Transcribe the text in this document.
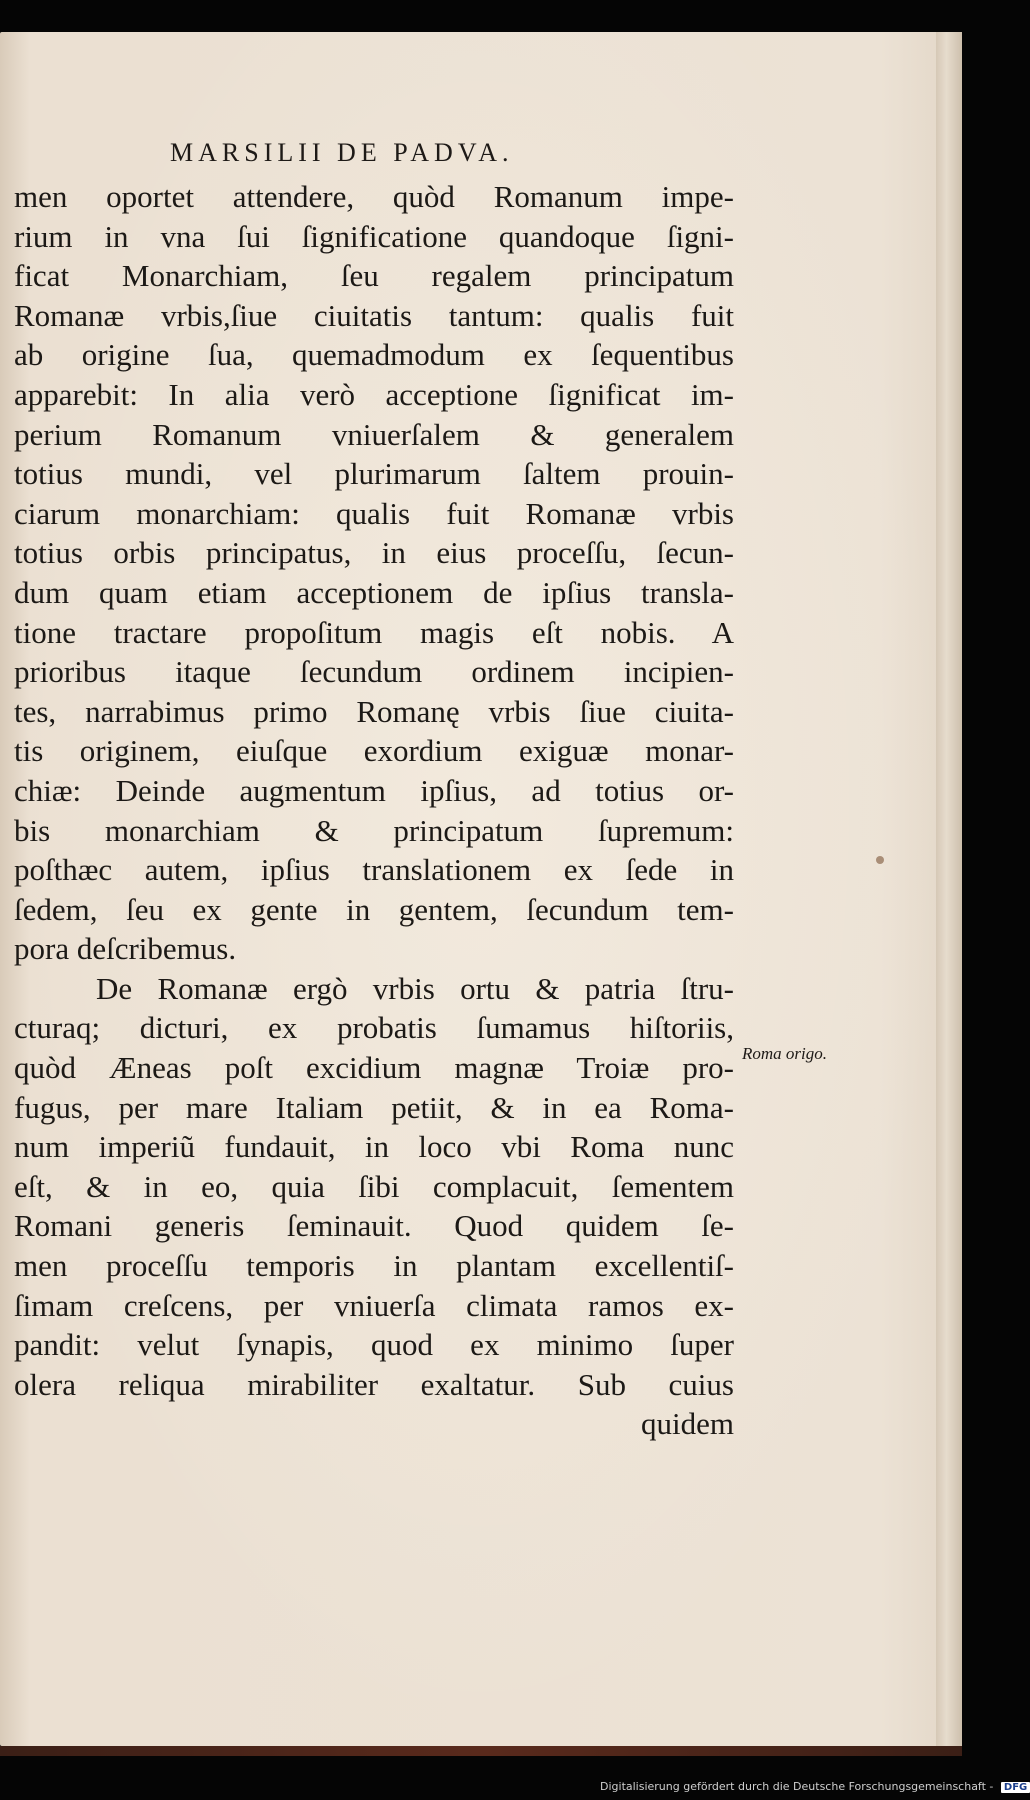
MARSILII DE PADVA.
men oportet attendere, quòd Romanum impe-
rium in vna ſui ſignificatione quandoque ſigni-
ficat Monarchiam, ſeu regalem principatum
Romanæ vrbis,ſiue ciuitatis tantum: qualis fuit
ab origine ſua, quemadmodum ex ſequentibus
apparebit: In alia verò acceptione ſignificat im-
perium Romanum vniuerſalem & generalem
totius mundi, vel plurimarum ſaltem prouin-
ciarum monarchiam: qualis fuit Romanæ vrbis
totius orbis principatus, in eius proceſſu, ſecun-
dum quam etiam acceptionem de ipſius transla-
tione tractare propoſitum magis eſt nobis. A
prioribus itaque ſecundum ordinem incipien-
tes, narrabimus primo Romanę vrbis ſiue ciuita-
tis originem, eiuſque exordium exiguæ monar-
chiæ: Deinde augmentum ipſius, ad totius or-
bis monarchiam & principatum ſupremum:
poſthæc autem, ipſius translationem ex ſede in
ſedem, ſeu ex gente in gentem, ſecundum tem-
pora deſcribemus.
De Romanæ ergò vrbis ortu & patria ſtru-
cturaq; dicturi, ex probatis ſumamus hiſtoriis,
quòd Æneas poſt excidium magnæ Troiæ pro-
fugus, per mare Italiam petiit, & in ea Roma-
num imperiũ fundauit, in loco vbi Roma nunc
eſt, & in eo, quia ſibi complacuit, ſementem
Romani generis ſeminauit. Quod quidem ſe-
men proceſſu temporis in plantam excellentiſ-
ſimam creſcens, per vniuerſa climata ramos ex-
pandit: velut ſynapis, quod ex minimo ſuper
olera reliqua mirabiliter exaltatur. Sub cuius
quidem
Roma origo.
Digitalisierung gefördert durch die Deutsche Forschungsgemeinschaft - DFG
